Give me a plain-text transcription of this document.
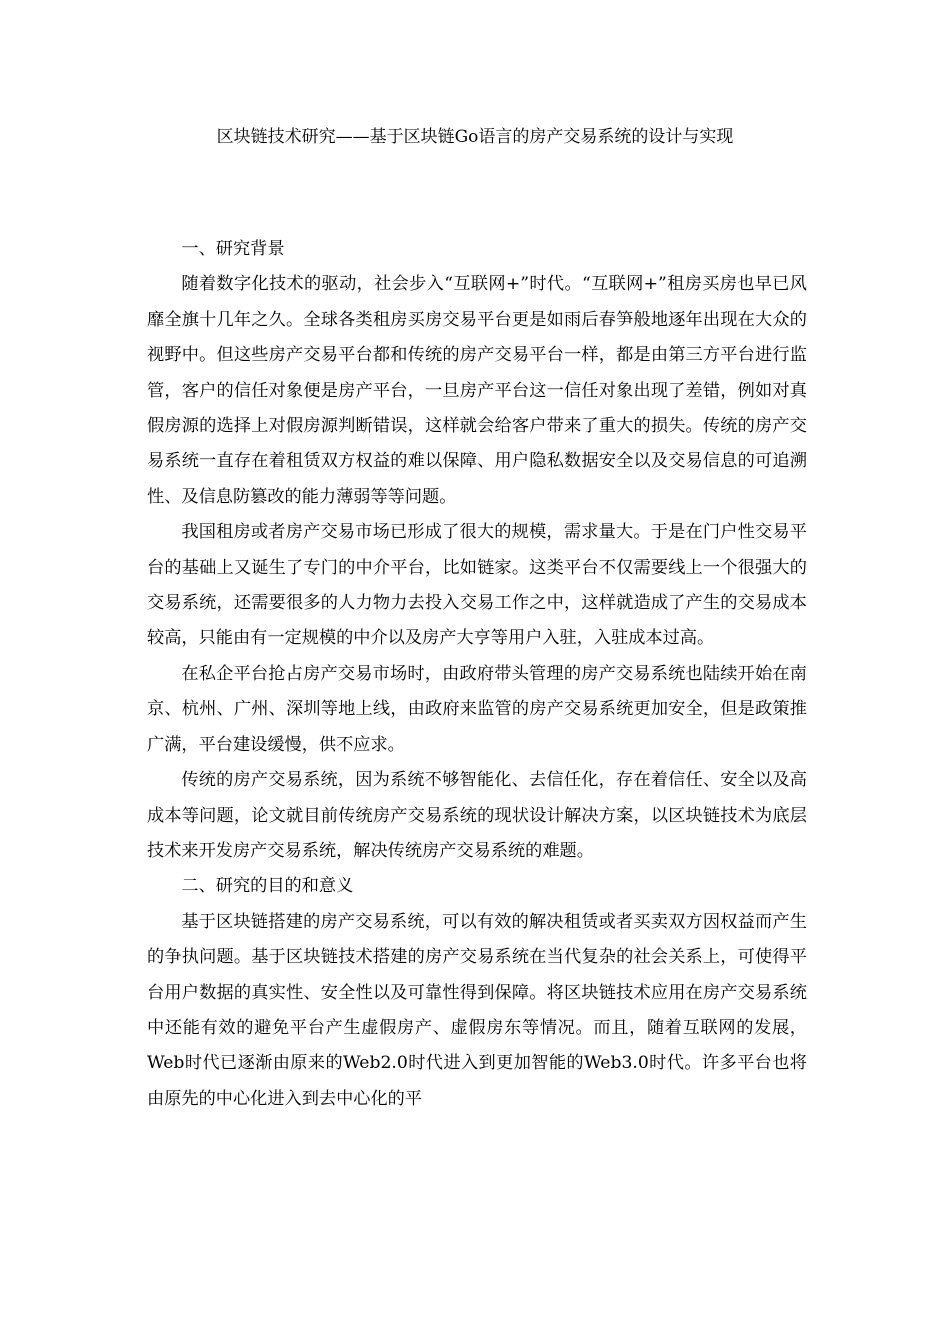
区块链技术研究——基于区块链Go语言的房产交易系统的设计与实现

一、研究背景

随着数字化技术的驱动，社会步入“互联网+”时代。“互联网+”租房买房也早已风靡全旗十几年之久。全球各类租房买房交易平台更是如雨后春笋般地逐年出现在大众的视野中。但这些房产交易平台都和传统的房产交易平台一样，都是由第三方平台进行监管，客户的信任对象便是房产平台，一旦房产平台这一信任对象出现了差错，例如对真假房源的选择上对假房源判断错误，这样就会给客户带来了重大的损失。传统的房产交易系统一直存在着租赁双方权益的难以保障、用户隐私数据安全以及交易信息的可追溯性、及信息防篡改的能力薄弱等等问题。

我国租房或者房产交易市场已形成了很大的规模，需求量大。于是在门户性交易平台的基础上又诞生了专门的中介平台，比如链家。这类平台不仅需要线上一个很强大的交易系统，还需要很多的人力物力去投入交易工作之中，这样就造成了产生的交易成本较高，只能由有一定规模的中介以及房产大亨等用户入驻，入驻成本过高。

在私企平台抢占房产交易市场时，由政府带头管理的房产交易系统也陆续开始在南京、杭州、广州、深圳等地上线，由政府来监管的房产交易系统更加安全，但是政策推广满，平台建设缓慢，供不应求。

传统的房产交易系统，因为系统不够智能化、去信任化，存在着信任、安全以及高成本等问题，论文就目前传统房产交易系统的现状设计解决方案，以区块链技术为底层技术来开发房产交易系统，解决传统房产交易系统的难题。

二、研究的目的和意义

基于区块链搭建的房产交易系统，可以有效的解决租赁或者买卖双方因权益而产生的争执问题。基于区块链技术搭建的房产交易系统在当代复杂的社会关系上，可使得平台用户数据的真实性、安全性以及可靠性得到保障。将区块链技术应用在房产交易系统中还能有效的避免平台产生虚假房产、虚假房东等情况。而且，随着互联网的发展，Web时代已逐渐由原来的Web2.0时代进入到更加智能的Web3.0时代。许多平台也将由原先的中心化进入到去中心化的平
